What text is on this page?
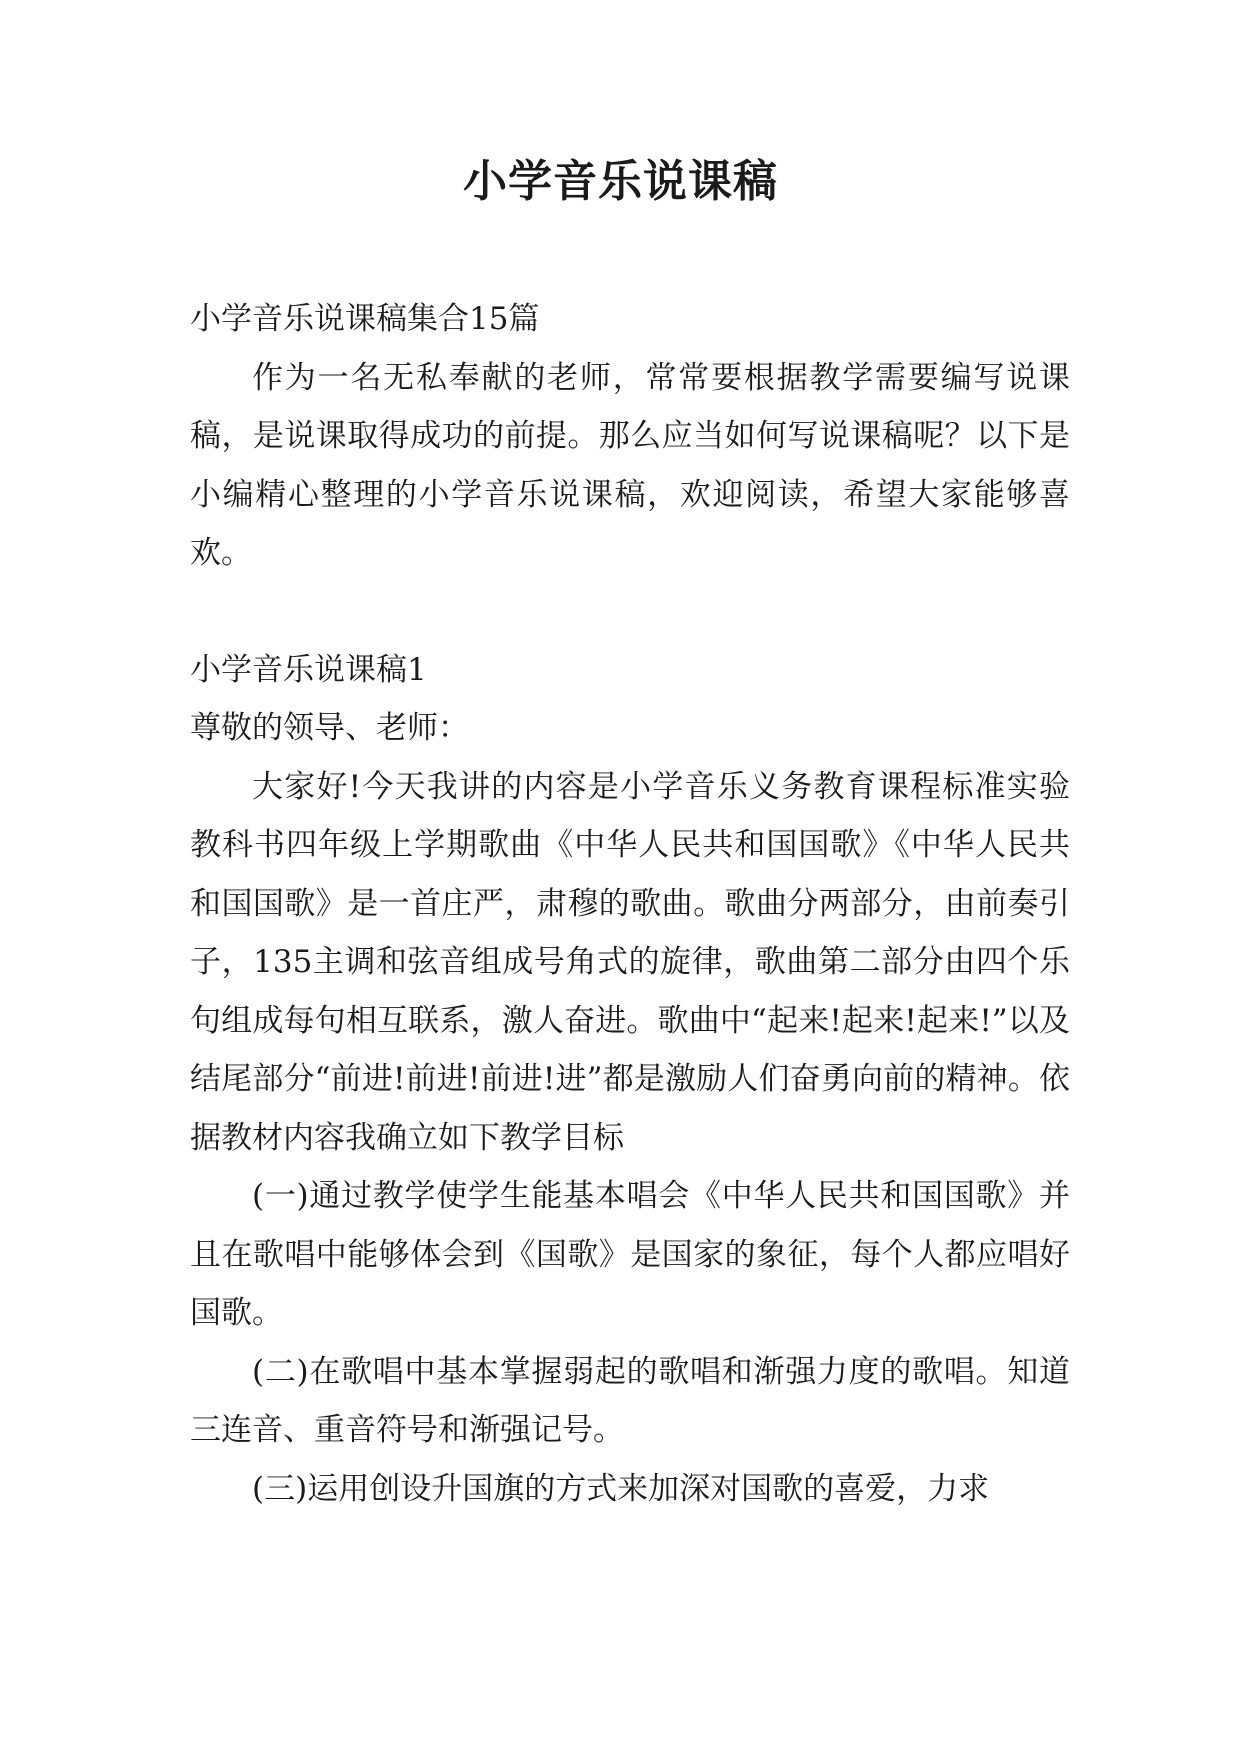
小学音乐说课稿

小学音乐说课稿集合15篇

作为一名无私奉献的老师，常常要根据教学需要编写说课稿，是说课取得成功的前提。那么应当如何写说课稿呢？以下是小编精心整理的小学音乐说课稿，欢迎阅读，希望大家能够喜欢。

小学音乐说课稿1

尊敬的领导、老师：

大家好!今天我讲的内容是小学音乐义务教育课程标准实验教科书四年级上学期歌曲《中华人民共和国国歌》《中华人民共和国国歌》是一首庄严，肃穆的歌曲。歌曲分两部分，由前奏引子，135主调和弦音组成号角式的旋律，歌曲第二部分由四个乐句组成每句相互联系，激人奋进。歌曲中“起来!起来!起来!”以及结尾部分“前进!前进!前进!进”都是激励人们奋勇向前的精神。依据教材内容我确立如下教学目标

(一)通过教学使学生能基本唱会《中华人民共和国国歌》并且在歌唱中能够体会到《国歌》是国家的象征，每个人都应唱好国歌。

(二)在歌唱中基本掌握弱起的歌唱和渐强力度的歌唱。知道三连音、重音符号和渐强记号。

(三)运用创设升国旗的方式来加深对国歌的喜爱，力求
